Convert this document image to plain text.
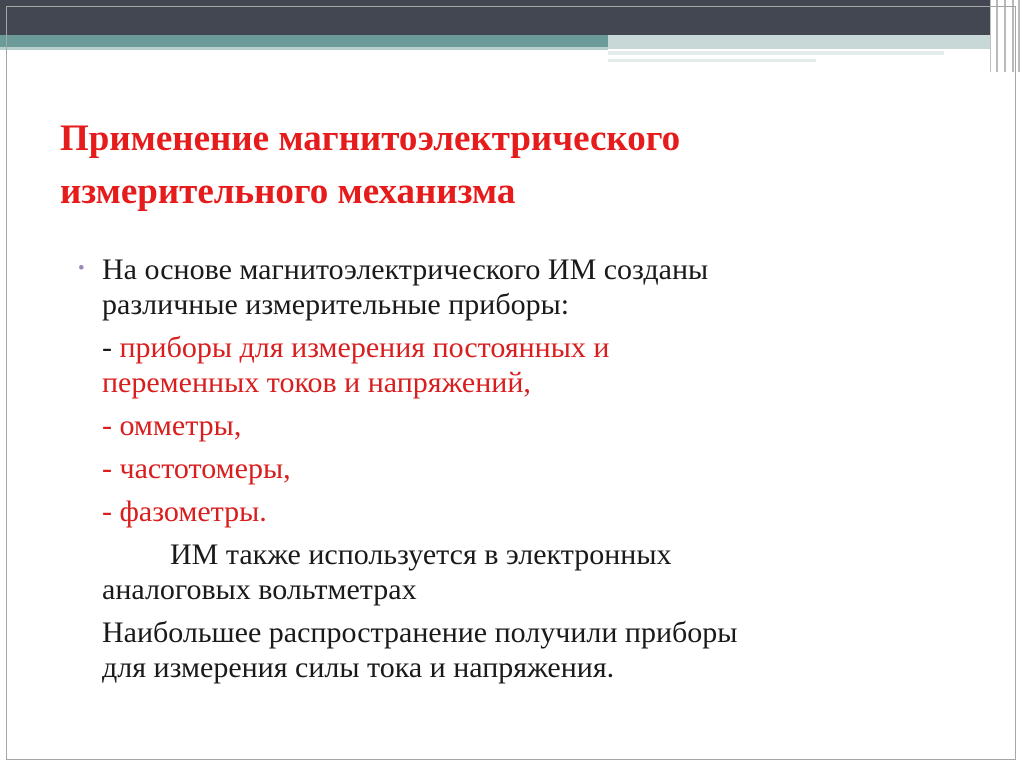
Применение магнитоэлектрического
измерительного механизма
• На основе магнитоэлектрического ИМ созданы
различные измерительные приборы:
- приборы для измерения постоянных и
переменных токов и напряжений,
- омметры,
- частотомеры,
- фазометры.
ИМ также используется в электронных
аналоговых вольтметрах
Наибольшее распространение получили приборы
для измерения силы тока и напряжения.
